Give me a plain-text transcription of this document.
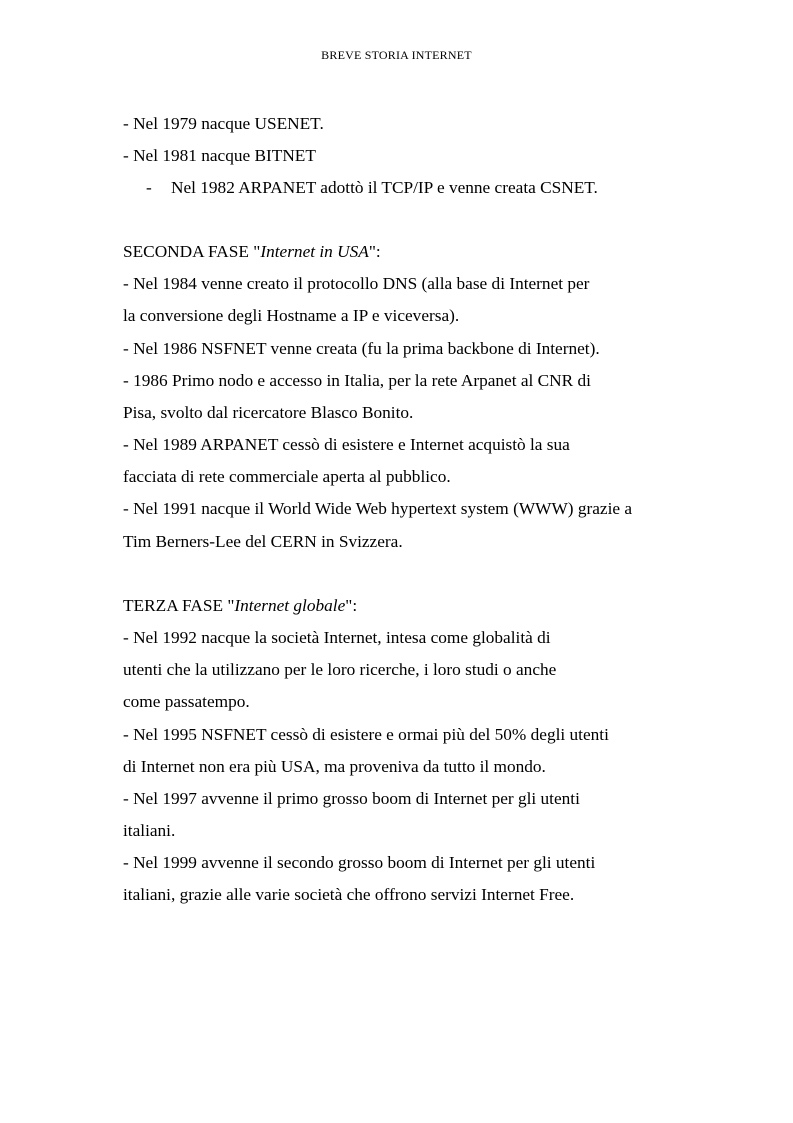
BREVE STORIA INTERNET
- Nel 1979 nacque USENET.
- Nel 1981 nacque BITNET
- Nel 1982 ARPANET adottò il TCP/IP e venne creata CSNET.
SECONDA FASE "Internet in USA":
- Nel 1984 venne creato il protocollo DNS (alla base di Internet per
la conversione degli Hostname a IP e viceversa).
- Nel 1986 NSFNET venne creata (fu la prima backbone di Internet).
- 1986 Primo nodo e accesso in Italia, per la rete Arpanet al CNR di
Pisa, svolto dal ricercatore Blasco Bonito.
- Nel 1989 ARPANET cessò di esistere e Internet acquistò la sua
facciata di rete commerciale aperta al pubblico.
- Nel 1991 nacque il World Wide Web hypertext system (WWW) grazie a
Tim Berners-Lee del CERN in Svizzera.
TERZA FASE "Internet globale":
- Nel 1992 nacque la società Internet, intesa come globalità di
utenti che la utilizzano per le loro ricerche, i loro studi o anche
come passatempo.
- Nel 1995 NSFNET cessò di esistere e ormai più del 50% degli utenti
di Internet non era più USA, ma proveniva da tutto il mondo.
- Nel 1997 avvenne il primo grosso boom di Internet per gli utenti
italiani.
- Nel 1999 avvenne il secondo grosso boom di Internet per gli utenti
italiani, grazie alle varie società che offrono servizi Internet Free.
